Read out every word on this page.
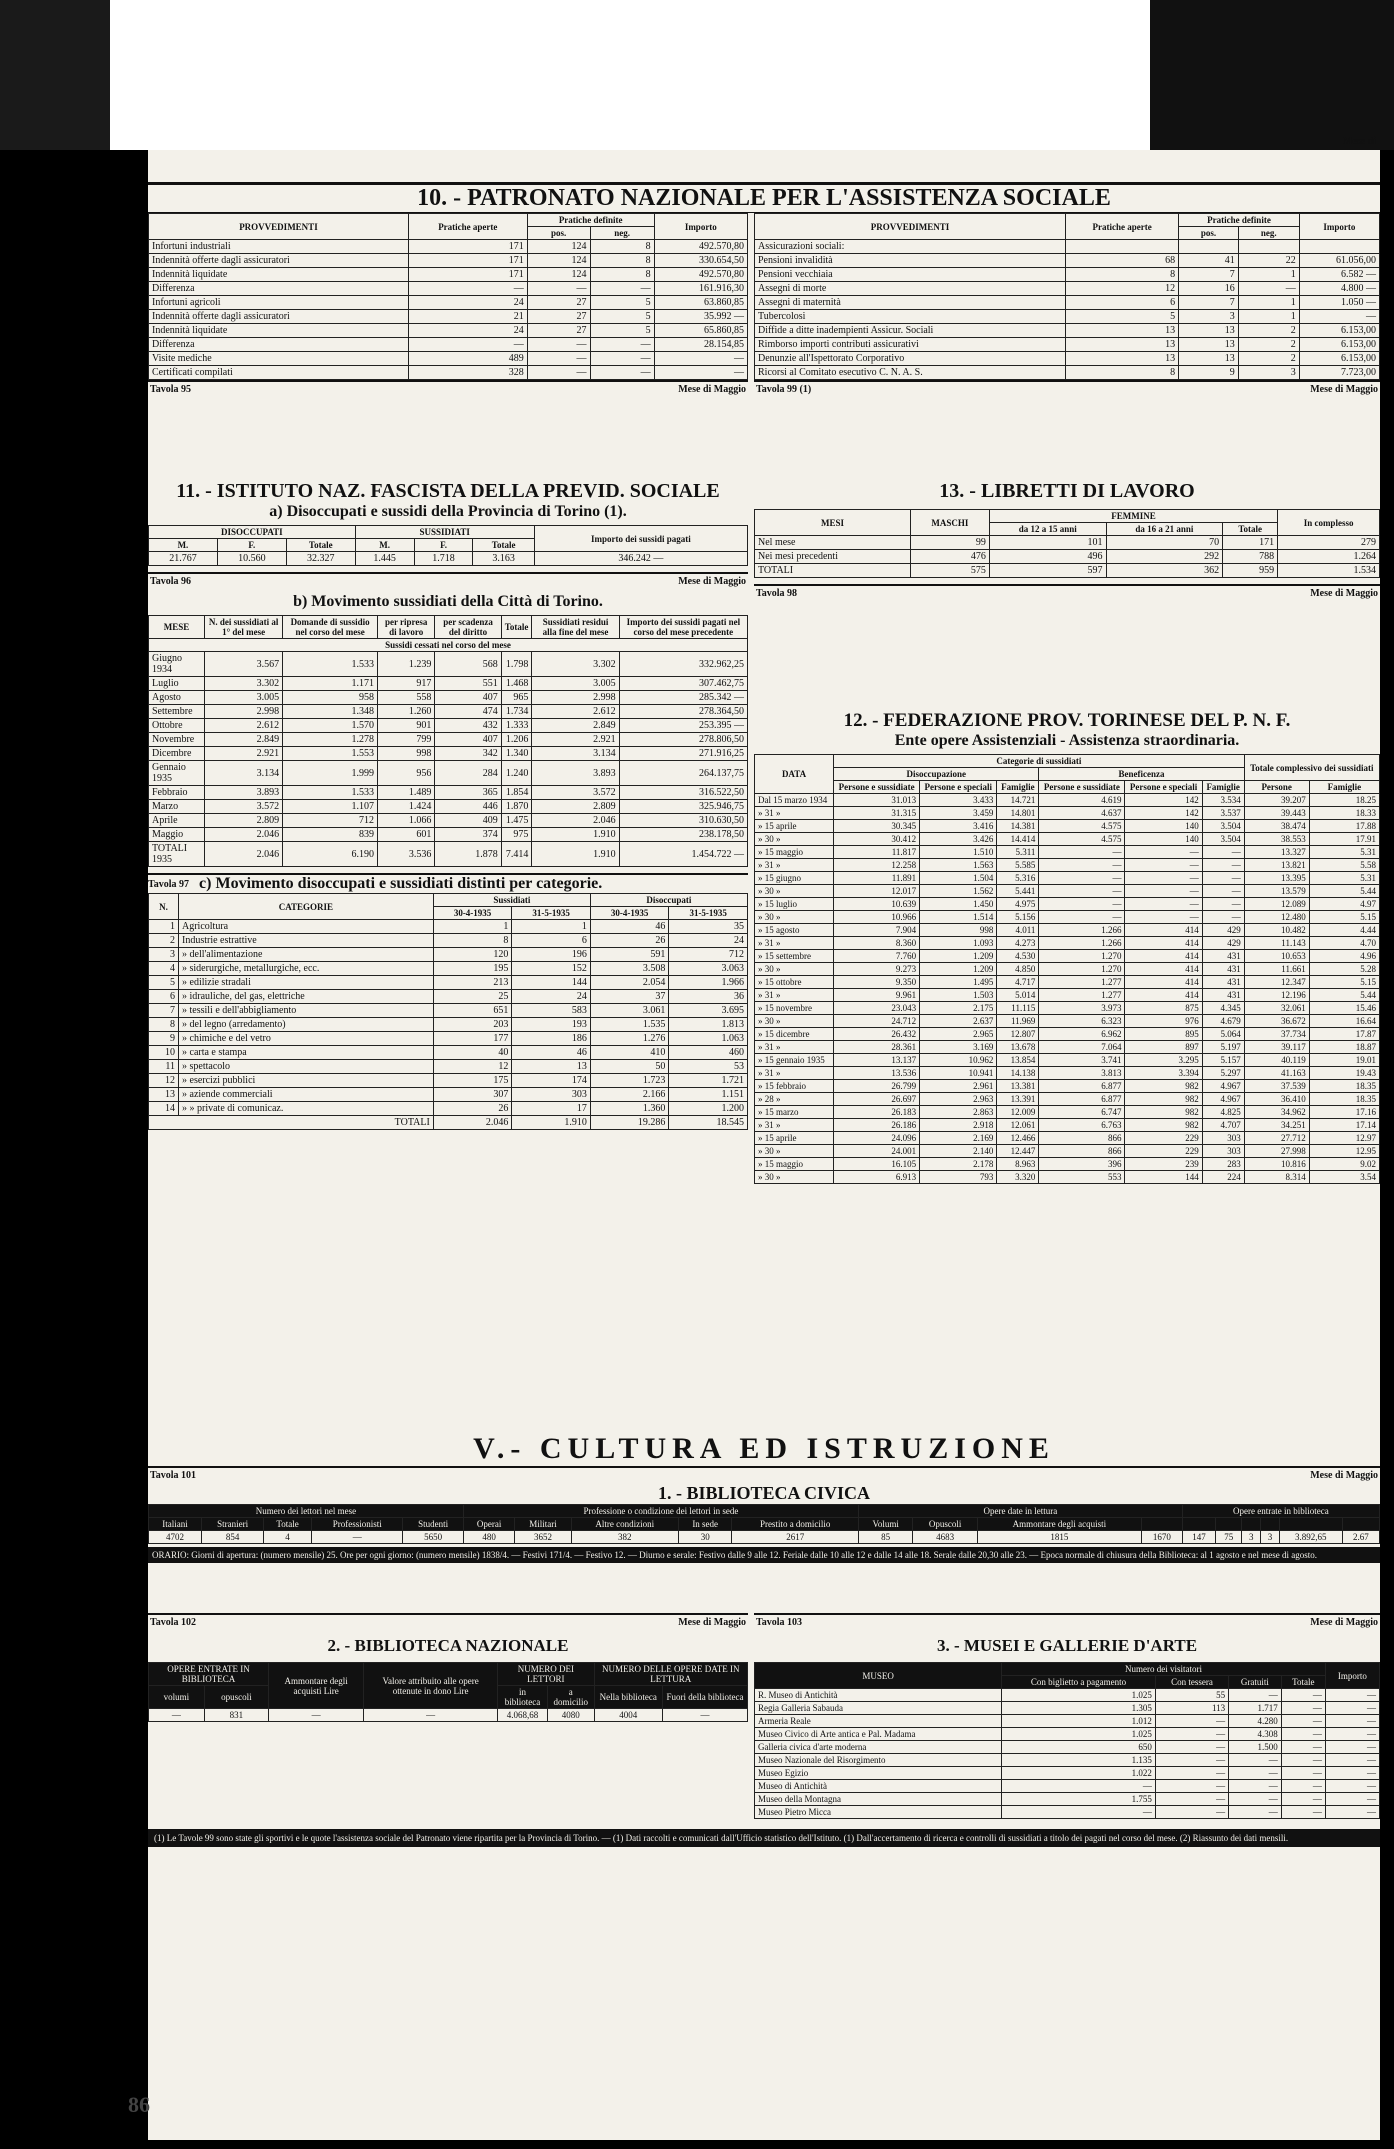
Mese di
10. - PATRONATO NAZIONALE PER L'ASSISTENZA SOCIALE
PROVVEDIMENTI	Pratiche aperte	Pratiche definite		Importo
		pos.	neg.	
Infortuni industriali	171	124	8	492.570,80
Indennità offerte dagli assicuratori	171	124	8	330.654,50
Indennità liquidate	171	124	8	492.570,80
Differenza	—	—	—	161.916,30
Infortuni agricoli	24	27	5	63.860,85
Indennità offerte dagli assicuratori	21	27	5	35.992 —
Indennità liquidate	24	27	5	65.860,85
Differenza	—	—	—	28.154,85
Visite mediche	489	—	—	—
Certificati compilati	328	—	—	—
PROVVEDIMENTI	Pratiche aperte	Pratiche definite		Importo
		pos.	neg.	
Assicurazioni sociali:				
Pensioni invalidità	68	41	22	61.056,00
Pensioni vecchiaia	8	7	1	6.582 —
Assegni di morte	12	16	—	4.800 —
Assegni di maternità	6	7	1	1.050 —
Tubercolosi	5	3	1	—
Diffide a ditte inadempienti Assicur. Sociali	13	13	2	6.153,00
Rimborso importi contributi assicurativi	13	13	2	6.153,00
Denunzie all'Ispettorato Corporativo	13	13	2	6.153,00
Ricorsi al Comitato esecutivo C. N. A. S.	8	9	3	7.723,00
Tavola 95	Mese di Maggio Tavola 99 (1)	Mese di Maggio
11. - ISTITUTO NAZ. FASCISTA DELLA PREVID. SOCIALE
a) Disoccupati e sussidi della Provincia di Torino (1).
DISOCCUPATI			SUSSIDIATI			Importo dei sussidi pagati
M.	F.	Totale	M.	F.	Totale	
21.767	10.560	32.327	1.445	1.718	3.163	346.242 —
Tavola 96	Mese di Maggio
b) Movimento sussidiati della Città di Torino.
MESE	N. dei sussidiati al 1° del mese	Domande di sussidio nel corso del mese	per ripresa di lavoro	per scadenza del diritto	Totale	Sussidiati residui alla fine del mese	Importo dei sussidi pagati nel corso del mese precedente
Sussidi cessati nel corso del mese							
Giugno 1934	3.567	1.533	1.239	568	1.798	3.302	332.962,25
Luglio	3.302	1.171	917	551	1.468	3.005	307.462,75
Agosto	3.005	958	558	407	965	2.998	285.342 —
Settembre	2.998	1.348	1.260	474	1.734	2.612	278.364,50
Ottobre	2.612	1.570	901	432	1.333	2.849	253.395 —
Novembre	2.849	1.278	799	407	1.206	2.921	278.806,50
Dicembre	2.921	1.553	998	342	1.340	3.134	271.916,25
Gennaio 1935	3.134	1.999	956	284	1.240	3.893	264.137,75
Febbraio	3.893	1.533	1.489	365	1.854	3.572	316.522,50
Marzo	3.572	1.107	1.424	446	1.870	2.809	325.946,75
Aprile	2.809	712	1.066	409	1.475	2.046	310.630,50
Maggio	2.046	839	601	374	975	1.910	238.178,50
TOTALI 1935	2.046	6.190	3.536	1.878	7.414	1.910	1.454.722 —
Tavola 97 c) Movimento disoccupati e sussidiati distinti per categorie.
N.	CATEGORIE	Sussidiati		Disoccupati	
		30-4-1935	31-5-1935	30-4-1935	31-5-1935
1	Agricoltura	1	1	46	35
2	Industrie estrattive	8	6	26	24
3	» dell'alimentazione	120	196	591	712
4	» siderurgiche, metallurgiche, ecc.	195	152	3.508	3.063
5	» edilizie stradali	213	144	2.054	1.966
6	» idrauliche, del gas, elettriche	25	24	37	36
7	» tessili e dell'abbigliamento	651	583	3.061	3.695
8	» del legno (arredamento)	203	193	1.535	1.813
9	» chimiche e del vetro	177	186	1.276	1.063
10	» carta e stampa	40	46	410	460
11	» spettacolo	12	13	50	53
12	» esercizi pubblici	175	174	1.723	1.721
13	» aziende commerciali	307	303	2.166	1.151
14	» » private di comunicaz.	26	17	1.360	1.200
TOTALI		2.046	1.910	19.286	18.545
13. - LIBRETTI DI LAVORO
MESI	MASCHI	FEMMINE			In complesso
		da 12 a 15 anni	da 16 a 21 anni	Totale	
Nel mese	99	101	70	171	279
Nei mesi precedenti	476	496	292	788	1.264
TOTALI	575	597	362	959	1.534
Tavola 98	Mese di Maggio
12. - FEDERAZIONE PROV. TORINESE DEL P. N. F.
Ente opere Assistenziali - Assistenza straordinaria.
DATA	Categorie di sussidiati						Totale complessivo dei sussidiati	
	Disoccupazione			Beneficenza				
	Persone e sussidiate	Persone e speciali	Famiglie	Persone e sussidiate	Persone e speciali	Famiglie	Persone	Famiglie
Dal 15 marzo 1934	31.013	3.433	14.721	4.619	142	3.534	39.207	18.25
» 31 »	31.315	3.459	14.801	4.637	142	3.537	39.443	18.33
» 15 aprile	30.345	3.416	14.381	4.575	140	3.504	38.474	17.88
» 30 »	30.412	3.426	14.414	4.575	140	3.504	38.553	17.91
» 15 maggio	11.817	1.510	5.311	—	—	—	13.327	5.31
» 31 »	12.258	1.563	5.585	—	—	—	13.821	5.58
» 15 giugno	11.891	1.504	5.316	—	—	—	13.395	5.31
» 30 »	12.017	1.562	5.441	—	—	—	13.579	5.44
» 15 luglio	10.639	1.450	4.975	—	—	—	12.089	4.97
» 30 »	10.966	1.514	5.156	—	—	—	12.480	5.15
» 15 agosto	7.904	998	4.011	1.266	414	429	10.482	4.44
» 31 »	8.360	1.093	4.273	1.266	414	429	11.143	4.70
» 15 settembre	7.760	1.209	4.530	1.270	414	431	10.653	4.96
» 30 »	9.273	1.209	4.850	1.270	414	431	11.661	5.28
» 15 ottobre	9.350	1.495	4.717	1.277	414	431	12.347	5.15
» 31 »	9.961	1.503	5.014	1.277	414	431	12.196	5.44
» 15 novembre	23.043	2.175	11.115	3.973	875	4.345	32.061	15.46
» 30 »	24.712	2.637	11.969	6.323	976	4.679	36.672	16.64
» 15 dicembre	26.432	2.965	12.807	6.962	895	5.064	37.734	17.87
» 31 »	28.361	3.169	13.678	7.064	897	5.197	39.117	18.87
» 15 gennaio 1935	13.137	10.962	13.854	3.741	3.295	5.157	40.119	19.01
» 31 »	13.536	10.941	14.138	3.813	3.394	5.297	41.163	19.43
» 15 febbraio	26.799	2.961	13.381	6.877	982	4.967	37.539	18.35
» 28 »	26.697	2.963	13.391	6.877	982	4.967	36.410	18.35
» 15 marzo	26.183	2.863	12.009	6.747	982	4.825	34.962	17.16
» 31 »	26.186	2.918	12.061	6.763	982	4.707	34.251	17.14
» 15 aprile	24.096	2.169	12.466	866	229	303	27.712	12.97
» 30 »	24.001	2.140	12.447	866	229	303	27.998	12.95
» 15 maggio	16.105	2.178	8.963	396	239	283	10.816	9.02
» 30 »	6.913	793	3.320	553	144	224	8.314	3.54
V.- CULTURA ED ISTRUZIONE
Tavola 101	Mese di Maggio
1. - BIBLIOTECA CIVICA
Numero dei lettori nel mese					Professione o condizione dei lettori in sede					Opere date in lettura				Opere entrate in biblioteca					
Italiani	Stranieri	Totale	Professionisti	Studenti	Operai	Militari	Altre condizioni	In sede	Prestito a domicilio	Volumi	Opuscoli	Ammontare degli acquisti							
4702	854	4	—	5650	480	3652	382	30	2617	85	4683	1815	1670	147	75	3	3	3.892,65	2.67
ORARIO: Giorni di apertura: (numero mensile) 25. Ore per ogni giorno: (numero mensile) 1838/4. — Festivi 171/4. — Festivo 12. — Diurno e serale: Festivo dalle 9 alle 12. Feriale dalle 10 alle 12 e dalle 14 alle 18. Serale dalle 20,30 alle 23. — Epoca normale di chiusura della Biblioteca: al 1 agosto e nel mese di agosto.
Tavola 102	Mese di Maggio
2. - BIBLIOTECA NAZIONALE
OPERE ENTRATE IN BIBLIOTECA		Ammontare degli acquisti Lire	Valore attribuito alle opere ottenute in dono Lire	NUMERO DEI LETTORI		NUMERO DELLE OPERE DATE IN LETTURA	
volumi	opuscoli			in biblioteca	a domicilio	Nella biblioteca	Fuori della biblioteca
—	831	—	—	4.068,68	4080	4004	—
Tavola 103	Mese di Maggio
3. - MUSEI E GALLERIE D'ARTE
MUSEO	Numero dei visitatori				Importo
	Con biglietto a pagamento	Con tessera	Gratuiti	Totale	
R. Museo di Antichità	1.025	55	—	—	—
Regia Galleria Sabauda	1.305	113	1.717	—	—
Armeria Reale	1.012	—	4.280	—	—
Museo Civico di Arte antica e Pal. Madama	1.025	—	4.308	—	—
Galleria civica d'arte moderna	650	—	1.500	—	—
Museo Nazionale del Risorgimento	1.135	—	—	—	—
Museo Egizio	1.022	—	—	—	—
Museo di Antichità	—	—	—	—	—
Museo della Montagna	1.755	—	—	—	—
Museo Pietro Micca	—	—	—	—	—
(1) Le Tavole 99 sono state gli sportivi e le quote l'assistenza sociale del Patronato viene ripartita per la Provincia di Torino. — (1) Dati raccolti e comunicati dall'Ufficio statistico dell'Istituto. (1) Dall'accertamento di ricerca e controlli di sussidiati a titolo dei pagati nel corso del mese. (2) Riassunto dei dati mensili.
86
